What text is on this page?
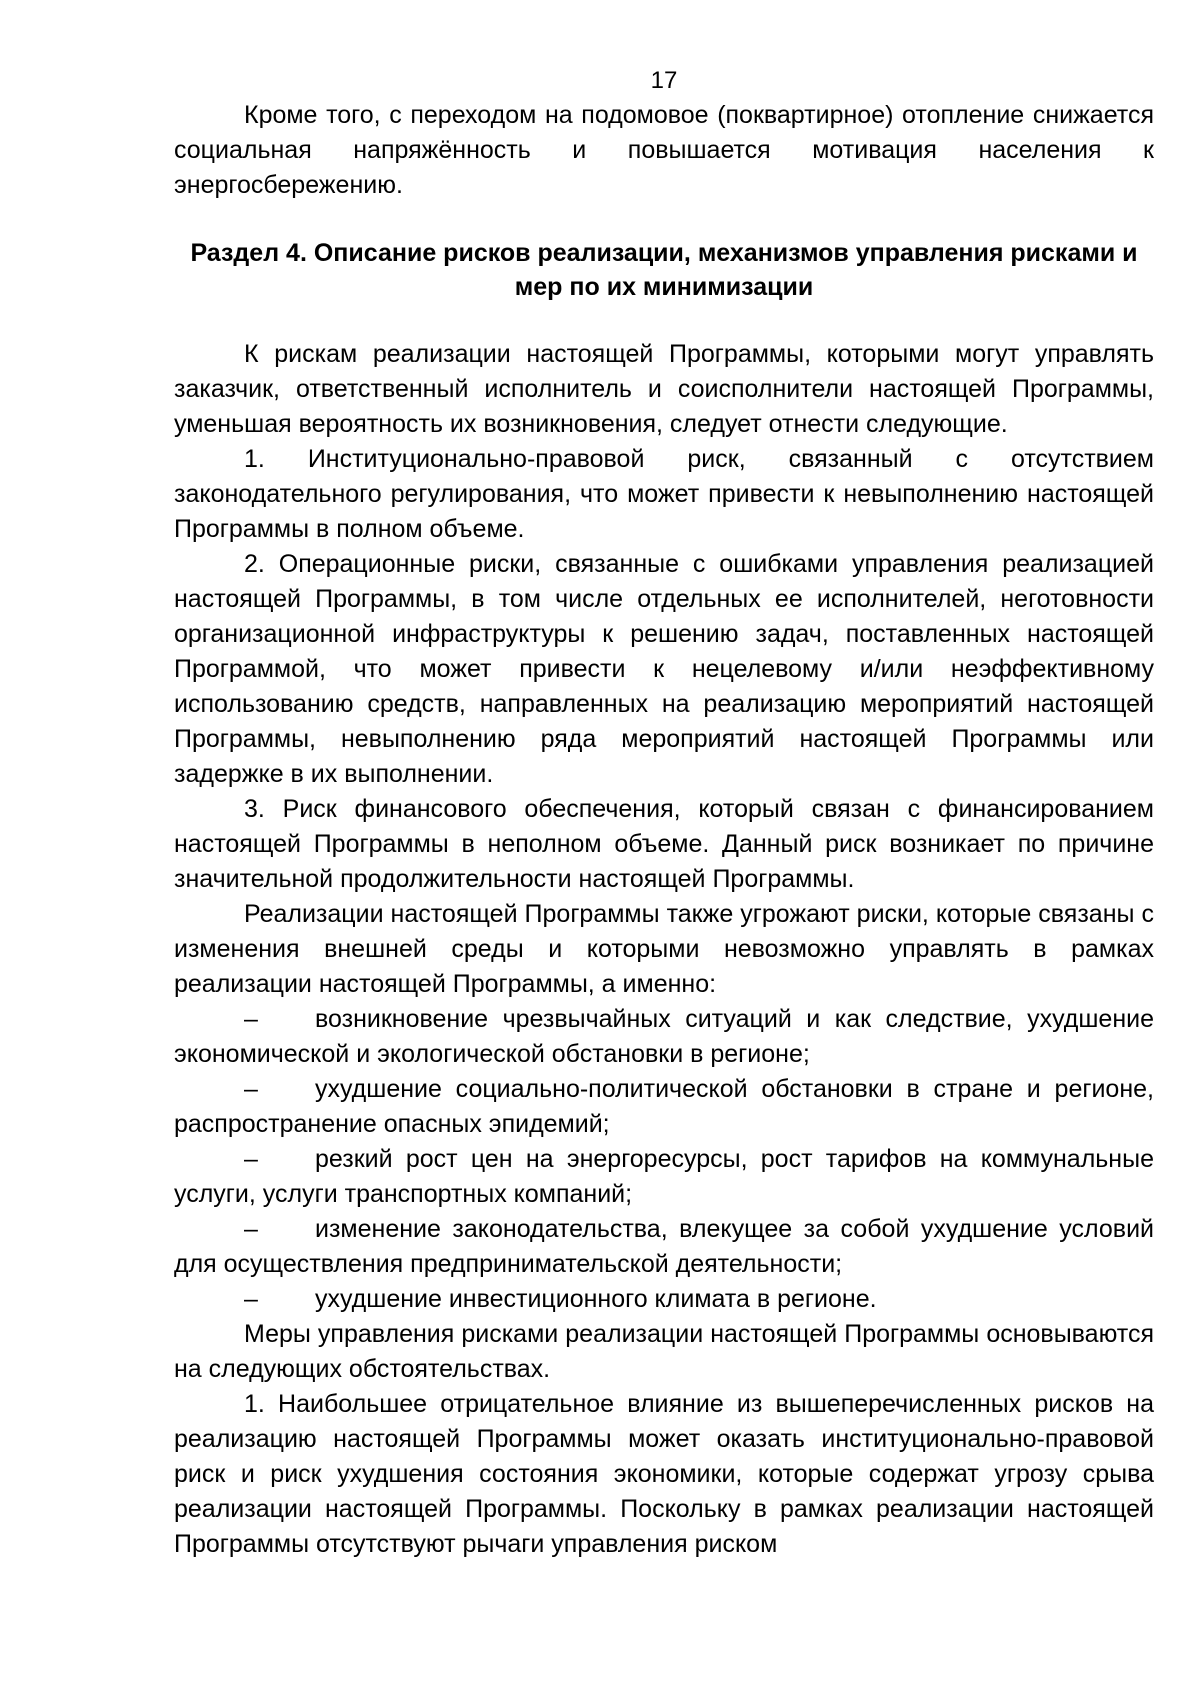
17

Кроме того, с переходом на подомовое (поквартирное) отопление снижается социальная напряжённость и повышается мотивация населения к энергосбережению.

Раздел 4. Описание рисков реализации, механизмов управления рисками и мер по их минимизации

К рискам реализации настоящей Программы, которыми могут управлять заказчик, ответственный исполнитель и соисполнители настоящей Программы, уменьшая вероятность их возникновения, следует отнести следующие.

1. Институционально-правовой риск, связанный с отсутствием законодательного регулирования, что может привести к невыполнению настоящей Программы в полном объеме.

2. Операционные риски, связанные с ошибками управления реализацией настоящей Программы, в том числе отдельных ее исполнителей, неготовности организационной инфраструктуры к решению задач, поставленных настоящей Программой, что может привести к нецелевому и/или неэффективному использованию средств, направленных на реализацию мероприятий настоящей Программы, невыполнению ряда мероприятий настоящей Программы или задержке в их выполнении.

3. Риск финансового обеспечения, который связан с финансированием настоящей Программы в неполном объеме. Данный риск возникает по причине значительной продолжительности настоящей Программы.

Реализации настоящей Программы также угрожают риски, которые связаны с изменения внешней среды и которыми невозможно управлять в рамках реализации настоящей Программы, а именно:

– возникновение чрезвычайных ситуаций и как следствие, ухудшение экономической и экологической обстановки в регионе;

– ухудшение социально-политической обстановки в стране и регионе, распространение опасных эпидемий;

– резкий рост цен на энергоресурсы, рост тарифов на коммунальные услуги, услуги транспортных компаний;

– изменение законодательства, влекущее за собой ухудшение условий для осуществления предпринимательской деятельности;

– ухудшение инвестиционного климата в регионе.

Меры управления рисками реализации настоящей Программы основываются на следующих обстоятельствах.

1. Наибольшее отрицательное влияние из вышеперечисленных рисков на реализацию настоящей Программы может оказать институционально-правовой риск и риск ухудшения состояния экономики, которые содержат угрозу срыва реализации настоящей Программы. Поскольку в рамках реализации настоящей Программы отсутствуют рычаги управления риском
